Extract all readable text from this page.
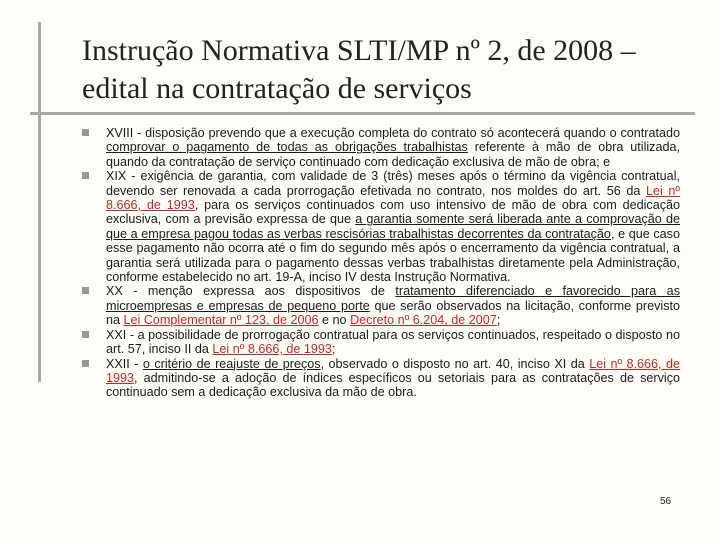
Instrução Normativa SLTI/MP nº 2, de 2008 – edital na contratação de serviços
XVIII - disposição prevendo que a execução completa do contrato só acontecerá quando o contratado comprovar o pagamento de todas as obrigações trabalhistas referente à mão de obra utilizada, quando da contratação de serviço continuado com dedicação exclusiva de mão de obra; e
XIX - exigência de garantia, com validade de 3 (três) meses após o término da vigência contratual, devendo ser renovada a cada prorrogação efetivada no contrato, nos moldes do art. 56 da Lei nº 8.666, de 1993, para os serviços continuados com uso intensivo de mão de obra com dedicação exclusiva, com a previsão expressa de que a garantia somente será liberada ante a comprovação de que a empresa pagou todas as verbas rescisórias trabalhistas decorrentes da contratação, e que caso esse pagamento não ocorra até o fim do segundo mês após o encerramento da vigência contratual, a garantia será utilizada para o pagamento dessas verbas trabalhistas diretamente pela Administração, conforme estabelecido no art. 19-A, inciso IV desta Instrução Normativa.
XX - menção expressa aos dispositivos de tratamento diferenciado e favorecido para as microempresas e empresas de pequeno porte que serão observados na licitação, conforme previsto na Lei Complementar nº 123, de 2006 e no Decreto nº 6.204, de 2007;
XXI - a possibilidade de prorrogação contratual para os serviços continuados, respeitado o disposto no art. 57, inciso II da Lei nº 8.666, de 1993;
XXII - o critério de reajuste de preços, observado o disposto no art. 40, inciso XI da Lei nº 8.666, de 1993, admitindo-se a adoção de índices específicos ou setoriais para as contratações de serviço continuado sem a dedicação exclusiva da mão de obra.
56
